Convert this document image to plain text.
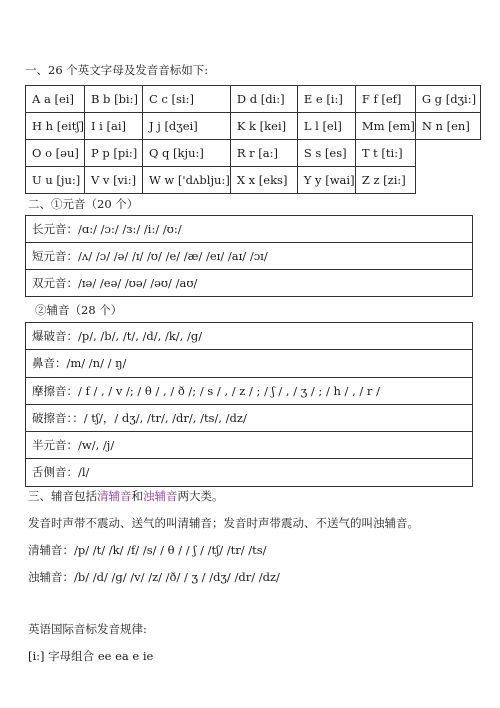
一、26 个英文字母及发音音标如下:
A a [ei]	B b [bi:]	C c [si:]	D d [di:]	E e [i:]	F f [ef]	G g [dʒi:]
H h [eitʃ]	I i [ai]	J j [dʒei]	K k [kei]	L l [el]	Mm [em]	N n [en]
O o [əu]	P p [pi:]	Q q [kju:]	R r [a:]	S s [es]	T t [ti:]	
U u [ju:]	V v [vi:]	W w ['dʌblju:]	X x [eks]	Y y [wai]	Z z [zi:]	
二、①元音（20 个）
长元音：/ɑ:/ /ɔ:/ /з:/ /i:/ /ʊ:/
短元音：/ʌ/ /ɔ/ /ə/ /ɪ/ /ʊ/ /e/ /æ/ /eɪ/ /aɪ/ /ɔɪ/
双元音：/ɪə/ /eə/ /ʊə/ /əʊ/ /aʊ/
②辅音（28 个）
爆破音：/p/, /b/, /t/, /d/, /k/, /g/
鼻音：/m/ /n/ / ŋ/
摩擦音：/ f / , / v /; / θ / , / ð /; / s / , / z / ; / ʃ / , / ʒ / ; / h / , / r /
破擦音：：/ tʃ/，/ dʒ/, /tr/, /dr/, /ts/, /dz/
半元音：/w/, /j/
舌侧音：/l/
三、辅音包括清辅音和浊辅音两大类。
发音时声带不震动、送气的叫清辅音；发音时声带震动、不送气的叫浊辅音。
清辅音：/p/ /t/ /k/ /f/ /s/ / θ / / ʃ / /tʃ/ /tr/ /ts/
浊辅音：/b/ /d/ /g/ /v/ /z/ /ð/ / ʒ / /dʒ/ /dr/ /dz/
英语国际音标发音规律:
[i:] 字母组合 ee ea e ie
